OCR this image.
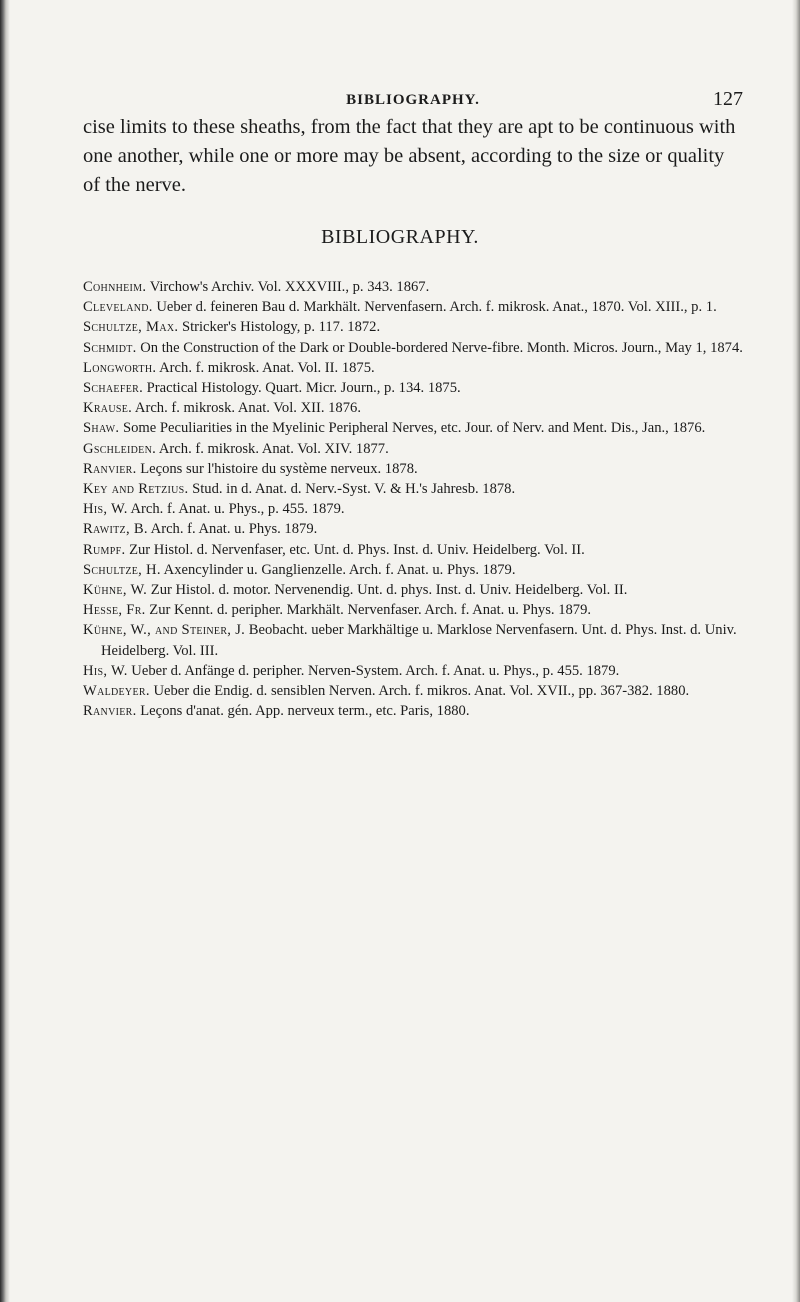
BIBLIOGRAPHY.	127

cise limits to these sheaths, from the fact that they are apt to be continuous with one another, while one or more may be absent, according to the size or quality of the nerve.

BIBLIOGRAPHY.

Cohnheim. Virchow's Archiv. Vol. XXXVIII., p. 343. 1867.

Cleveland. Ueber d. feineren Bau d. Markhält. Nervenfasern. Arch. f. mikrosk. Anat., 1870. Vol. XIII., p. 1.

Schultze, Max. Stricker's Histology, p. 117. 1872.

Schmidt. On the Construction of the Dark or Double-bordered Nerve-fibre. Month. Micros. Journ., May 1, 1874.

Longworth. Arch. f. mikrosk. Anat. Vol. II. 1875.

Schaefer. Practical Histology. Quart. Micr. Journ., p. 134. 1875.

Krause. Arch. f. mikrosk. Anat. Vol. XII. 1876.

Shaw. Some Peculiarities in the Myelinic Peripheral Nerves, etc. Jour. of Nerv. and Ment. Dis., Jan., 1876.

Gschleiden. Arch. f. mikrosk. Anat. Vol. XIV. 1877.

Ranvier. Leçons sur l'histoire du système nerveux. 1878.

Key and Retzius. Stud. in d. Anat. d. Nerv.-Syst. V. & H.'s Jahresb. 1878.

His, W. Arch. f. Anat. u. Phys., p. 455. 1879.

Rawitz, B. Arch. f. Anat. u. Phys. 1879.

Rumpf. Zur Histol. d. Nervenfaser, etc. Unt. d. Phys. Inst. d. Univ. Heidelberg. Vol. II.

Schultze, H. Axencylinder u. Ganglienzelle. Arch. f. Anat. u. Phys. 1879.

Kühne, W. Zur Histol. d. motor. Nervenendig. Unt. d. phys. Inst. d. Univ. Heidelberg. Vol. II.

Hesse, Fr. Zur Kennt. d. peripher. Markhält. Nervenfaser. Arch. f. Anat. u. Phys. 1879.

Kühne, W., and Steiner, J. Beobacht. ueber Markhältige u. Marklose Nervenfasern. Unt. d. Phys. Inst. d. Univ. Heidelberg. Vol. III.

His, W. Ueber d. Anfänge d. peripher. Nerven-System. Arch. f. Anat. u. Phys., p. 455. 1879.

Waldeyer. Ueber die Endig. d. sensiblen Nerven. Arch. f. mikros. Anat. Vol. XVII., pp. 367-382. 1880.

Ranvier. Leçons d'anat. gén. App. nerveux term., etc. Paris, 1880.
